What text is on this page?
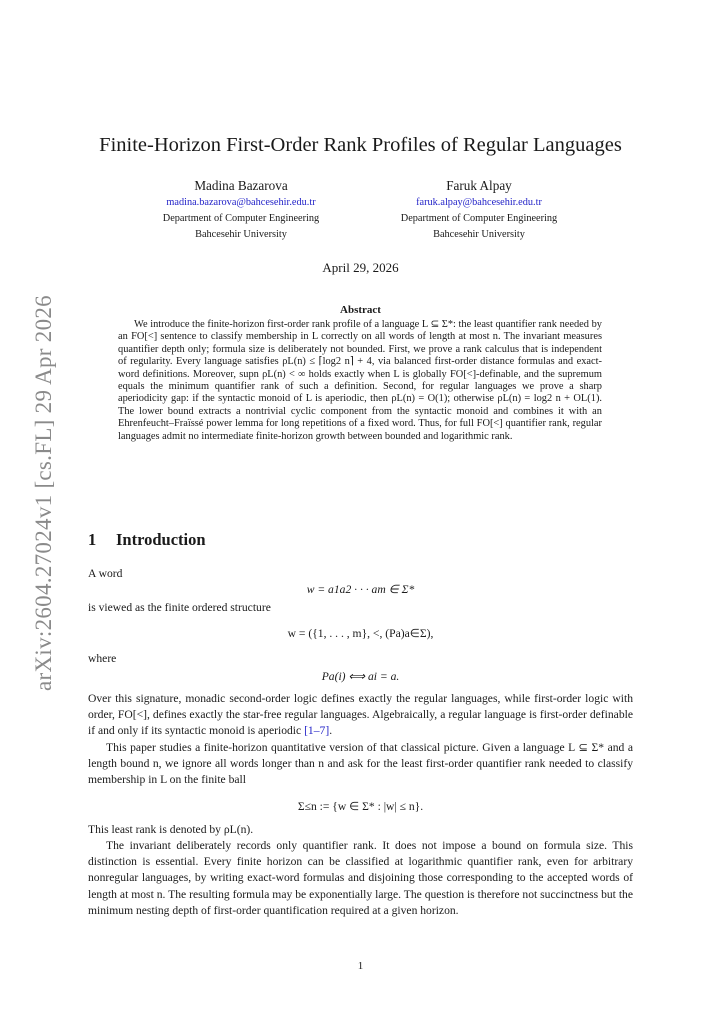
arXiv:2604.27024v1 [cs.FL] 29 Apr 2026
Finite-Horizon First-Order Rank Profiles of Regular Languages
Madina Bazarova
madina.bazarova@bahcesehir.edu.tr
Department of Computer Engineering
Bahcesehir University
Faruk Alpay
faruk.alpay@bahcesehir.edu.tr
Department of Computer Engineering
Bahcesehir University
April 29, 2026
Abstract
We introduce the finite-horizon first-order rank profile of a language L ⊆ Σ*: the least quantifier rank needed by an FO[<] sentence to classify membership in L correctly on all words of length at most n. The invariant measures quantifier depth only; formula size is deliberately not bounded. First, we prove a rank calculus that is independent of regularity. Every language satisfies ρL(n) ≤ ⌈log2 n⌉ + 4, via balanced first-order distance formulas and exact-word definitions. Moreover, supn ρL(n) < ∞ holds exactly when L is globally FO[<]-definable, and the supremum equals the minimum quantifier rank of such a definition. Second, for regular languages we prove a sharp aperiodicity gap: if the syntactic monoid of L is aperiodic, then ρL(n) = O(1); otherwise ρL(n) = log2 n + OL(1). The lower bound extracts a nontrivial cyclic component from the syntactic monoid and combines it with an Ehrenfeucht–Fraïssé power lemma for long repetitions of a fixed word. Thus, for full FO[<] quantifier rank, regular languages admit no intermediate finite-horizon growth between bounded and logarithmic rank.
1 Introduction
A word
w = a1a2 · · · am ∈ Σ*
is viewed as the finite ordered structure
w = ({1, . . . , m}, <, (Pa)a∈Σ),
where
Pa(i) ⟺ ai = a.
Over this signature, monadic second-order logic defines exactly the regular languages, while first-order logic with order, FO[<], defines exactly the star-free regular languages. Algebraically, a regular language is first-order definable if and only if its syntactic monoid is aperiodic [1–7].
This paper studies a finite-horizon quantitative version of that classical picture. Given a language L ⊆ Σ* and a length bound n, we ignore all words longer than n and ask for the least first-order quantifier rank needed to classify membership in L on the finite ball
Σ≤n := {w ∈ Σ* : |w| ≤ n}.
This least rank is denoted by ρL(n).
The invariant deliberately records only quantifier rank. It does not impose a bound on formula size. This distinction is essential. Every finite horizon can be classified at logarithmic quantifier rank, even for arbitrary nonregular languages, by writing exact-word formulas and disjoining those corresponding to the accepted words of length at most n. The resulting formula may be exponentially large. The question is therefore not succinctness but the minimum nesting depth of first-order quantification required at a given horizon.
1
